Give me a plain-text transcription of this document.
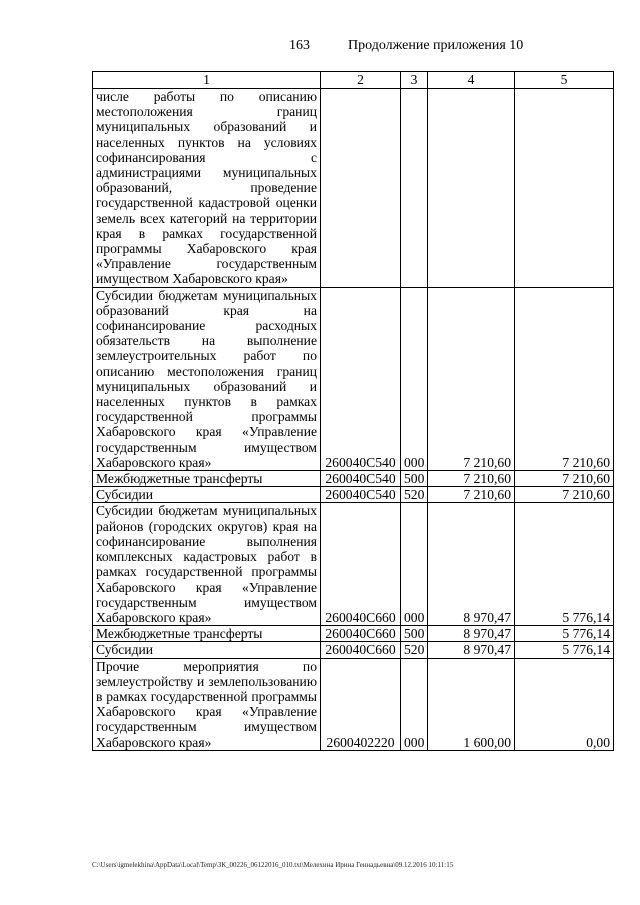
163	Продолжение приложения 10
1	2	3	4	5
числе работы по описанию местоположения границ муниципальных образований и населенных пунктов на условиях софинансирования с администрациями муниципальных образований, проведение государственной кадастровой оценки земель всех категорий на территории края в рамках государственной программы Хабаровского края «Управление государственным имуществом Хабаровского края»				
Субсидии бюджетам муниципальных образований края на софинансирование расходных обязательств на выполнение землеустроительных работ по описанию местоположения границ муниципальных образований и населенных пунктов в рамках государственной программы Хабаровского края «Управление государственным имуществом Хабаровского края»	260040С540	000	7 210,60	7 210,60
Межбюджетные трансферты	260040С540	500	7 210,60	7 210,60
Субсидии	260040С540	520	7 210,60	7 210,60
Субсидии бюджетам муниципальных районов (городских округов) края на софинансирование выполнения комплексных кадастровых работ в рамках государственной программы Хабаровского края «Управление государственным имуществом Хабаровского края»	260040С660	000	8 970,47	5 776,14
Межбюджетные трансферты	260040С660	500	8 970,47	5 776,14
Субсидии	260040С660	520	8 970,47	5 776,14
Прочие мероприятия по землеустройству и землепользованию в рамках государственной программы Хабаровского края «Управление государственным имуществом Хабаровского края»	2600402220	000	1 600,00	0,00
C:\Users\igmelekhina\AppData\Local\Temp\ЗК_00226_06122016_010.txt\Мелехина Ирина Геннадьевна\09.12.2016 10:11:15
